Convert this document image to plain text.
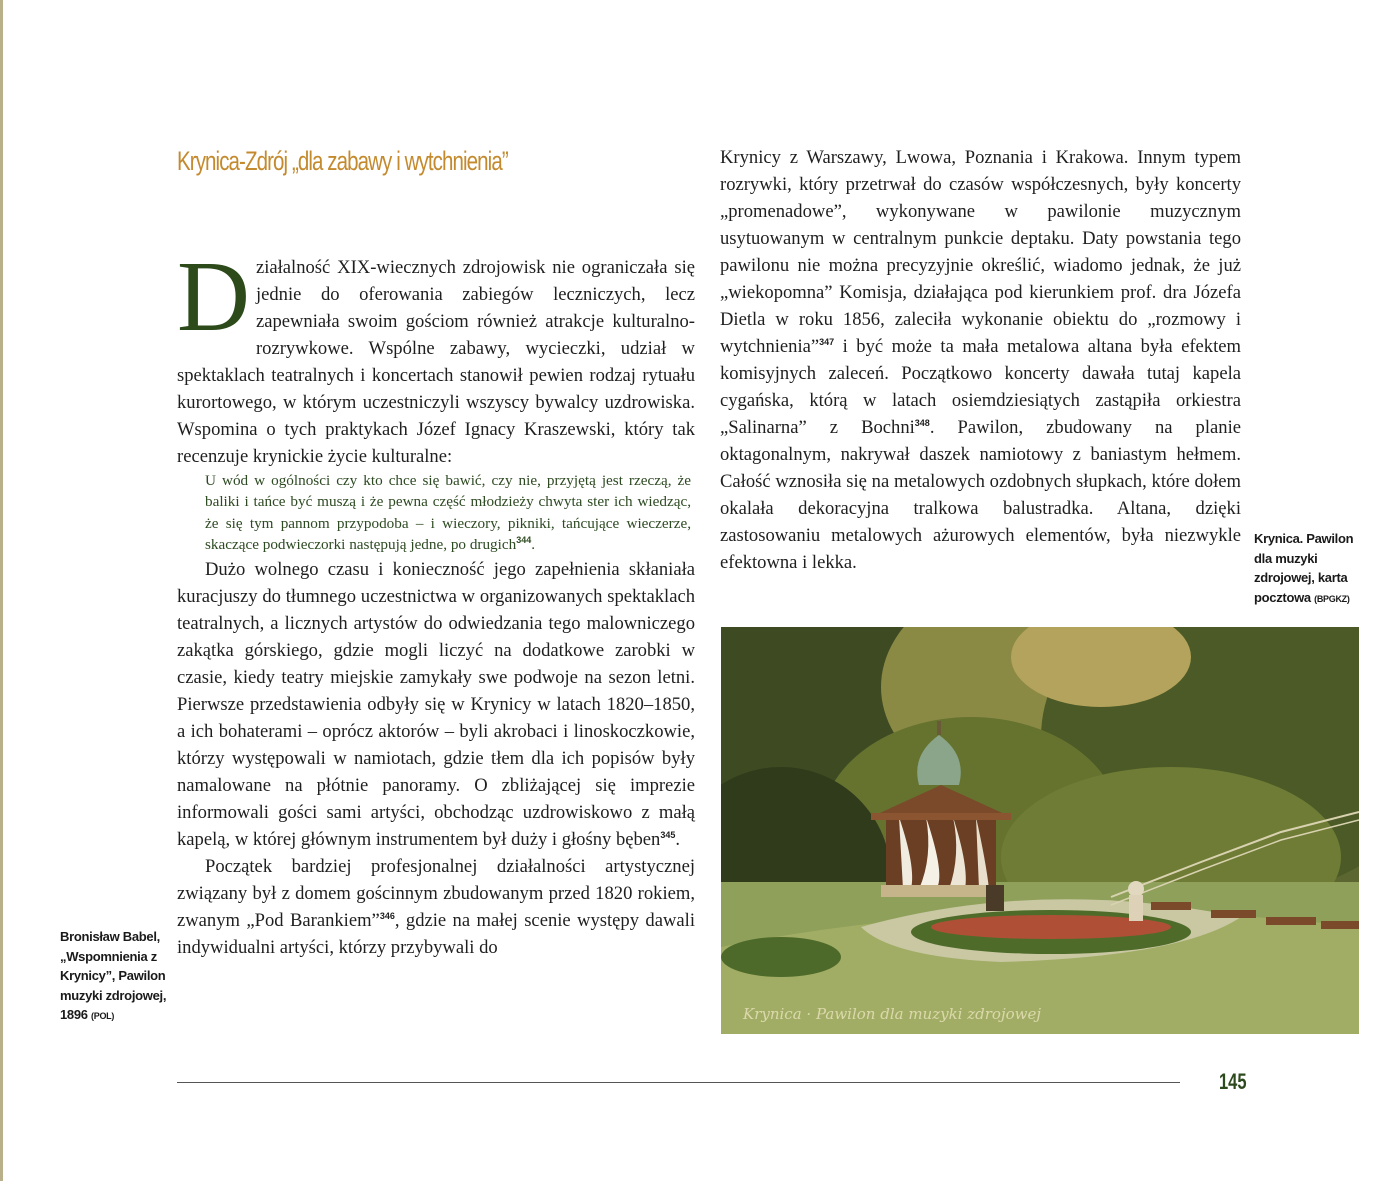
Krynica-Zdrój „dla zabawy i wytchnienia”

Działalność XIX-wiecznych zdrojowisk nie ograniczała się jednie do oferowania zabiegów leczniczych, lecz zapewniała swoim gościom również atrakcje kulturalno-rozrywkowe. Wspólne zabawy, wycieczki, udział w spektaklach teatralnych i koncertach stanowił pewien rodzaj rytuału kurortowego, w którym uczestniczyli wszyscy bywalcy uzdrowiska. Wspomina o tych praktykach Józef Ignacy Kraszewski, który tak recenzuje krynickie życie kulturalne:

U wód w ogólności czy kto chce się bawić, czy nie, przyjętą jest rzeczą, że baliki i tańce być muszą i że pewna część młodzieży chwyta ster ich wiedząc, że się tym pannom przypodoba – i wieczory, pikniki, tańcujące wieczerze, skaczące podwieczorki następują jedne, po drugich$^{344}$.

Dużo wolnego czasu i konieczność jego zapełnienia skłaniała kuracjuszy do tłumnego uczestnictwa w organizowanych spektaklach teatralnych, a licznych artystów do odwiedzania tego malowniczego zakątka górskiego, gdzie mogli liczyć na dodatkowe zarobki w czasie, kiedy teatry miejskie zamykały swe podwoje na sezon letni. Pierwsze przedstawienia odbyły się w Krynicy w latach 1820–1850, a ich bohaterami – oprócz aktorów – byli akrobaci i linoskoczkowie, którzy występowali w namiotach, gdzie tłem dla ich popisów były namalowane na płótnie panoramy. O zbliżającej się imprezie informowali gości sami artyści, obchodząc uzdrowiskowo z małą kapelą, w której głównym instrumentem był duży i głośny bęben$^{345}$.

Początek bardziej profesjonalnej działalności artystycznej związany był z domem gościnnym zbudowanym przed 1820 rokiem, zwanym „Pod Barankiem”$^{346}$, gdzie na małej scenie występy dawali indywidualni artyści, którzy przybywali do

Krynicy z Warszawy, Lwowa, Poznania i Krakowa. Innym typem rozrywki, który przetrwał do czasów współczesnych, były koncerty „promenadowe”, wykonywane w pawilonie muzycznym usytuowanym w centralnym punkcie deptaku. Daty powstania tego pawilonu nie można precyzyjnie określić, wiadomo jednak, że już „wiekopomna” Komisja, działająca pod kierunkiem prof. dra Józefa Dietla w roku 1856, zaleciła wykonanie obiektu do „rozmowy i wytchnienia”$^{347}$ i być może ta mała metalowa altana była efektem komisyjnych zaleceń. Początkowo koncerty dawała tutaj kapela cygańska, którą w latach osiemdziesiątych zastąpiła orkiestra „Salinarna” z Bochni$^{348}$. Pawilon, zbudowany na planie oktagonalnym, nakrywał daszek namiotowy z baniastym hełmem. Całość wznosiła się na metalowych ozdobnych słupkach, które dołem okalała dekoracyjna tralkowa balustradka. Altana, dzięki zastosowaniu metalowych ażurowych elementów, była niezwykle efektowna i lekka.

Bronisław Babel, „Wspomnienia z Krynicy”, Pawilon muzyki zdrojowej, 1896 (POL)
Krynica. Pawilon dla muzyki zdrojowej, karta pocztowa (BPGKZ)
Krynica · Pawilon dla muzyki zdrojowej
145
